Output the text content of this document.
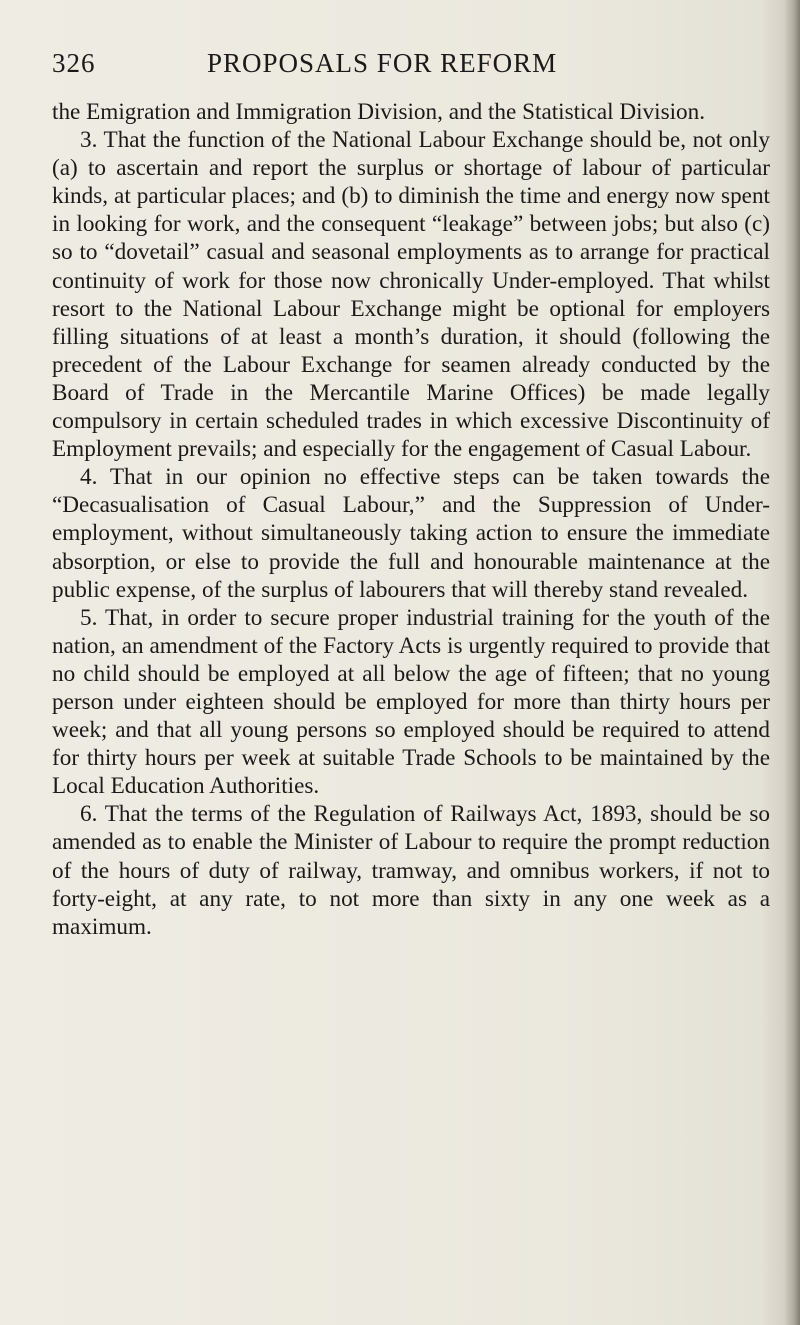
326	PROPOSALS FOR REFORM

the Emigration and Immigration Division, and the Statistical Division.

3. That the function of the National Labour Exchange should be, not only (a) to ascertain and report the surplus or shortage of labour of particular kinds, at particular places; and (b) to diminish the time and energy now spent in looking for work, and the consequent “leakage” between jobs; but also (c) so to “dovetail” casual and seasonal employments as to arrange for practical continuity of work for those now chronically Under-employed. That whilst resort to the National Labour Exchange might be optional for employers filling situations of at least a month’s duration, it should (following the precedent of the Labour Exchange for seamen already conducted by the Board of Trade in the Mercantile Marine Offices) be made legally compulsory in certain scheduled trades in which excessive Discontinuity of Employment prevails; and especially for the engagement of Casual Labour.

4. That in our opinion no effective steps can be taken towards the “Decasualisation of Casual Labour,” and the Suppression of Under-employment, without simultaneously taking action to ensure the immediate absorption, or else to provide the full and honourable maintenance at the public expense, of the surplus of labourers that will thereby stand revealed.

5. That, in order to secure proper industrial training for the youth of the nation, an amendment of the Factory Acts is urgently required to provide that no child should be employed at all below the age of fifteen; that no young person under eighteen should be employed for more than thirty hours per week; and that all young persons so employed should be required to attend for thirty hours per week at suitable Trade Schools to be maintained by the Local Education Authorities.

6. That the terms of the Regulation of Railways Act, 1893, should be so amended as to enable the Minister of Labour to require the prompt reduction of the hours of duty of railway, tramway, and omnibus workers, if not to forty-eight, at any rate, to not more than sixty in any one week as a maximum.
